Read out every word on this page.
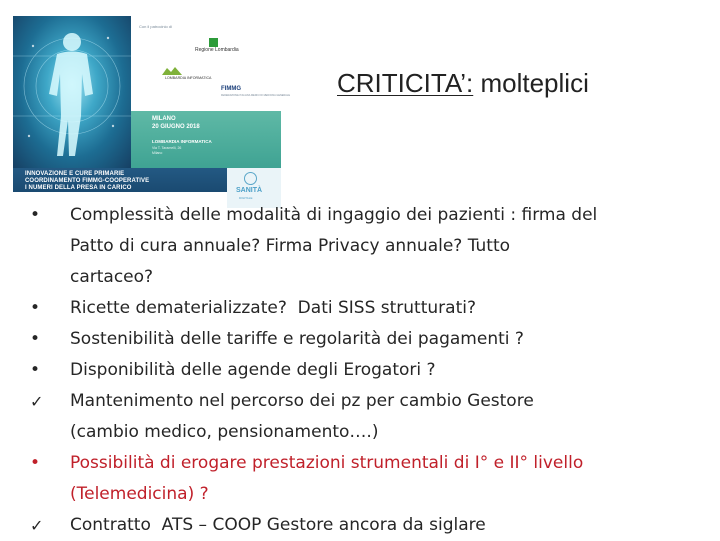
Con il patrocinio di
Regione Lombardia
LOMBARDIA INFORMATICA
FIMMG
FEDERAZIONE ITALIANA MEDICI DI MEDICINA GENERALE
MILANO
20 GIUGNO 2018
LOMBARDIA INFORMATICA
Via T. Taramelli, 26
Milano
INNOVAZIONE E CURE PRIMARIE
COORDINAMENTO FIMMG-COOPERATIVE
I NUMERI DELLA PRESA IN CARICO	SANITÀ
DIGITALE
CRITICITA’: molteplici
•	Complessità delle modalità di ingaggio dei pazienti : firma del
Patto di cura annuale? Firma Privacy annuale? Tutto
cartaceo?
•	Ricette dematerializzate?  Dati SISS strutturati?
•	Sostenibilità delle tariffe e regolarità dei pagamenti ?
•	Disponibilità delle agende degli Erogatori ?
✓	Mantenimento nel percorso dei pz per cambio Gestore
(cambio medico, pensionamento….)
•	Possibilità di erogare prestazioni strumentali di I° e II° livello
(Telemedicina) ?
✓	Contratto  ATS – COOP Gestore ancora da siglare
